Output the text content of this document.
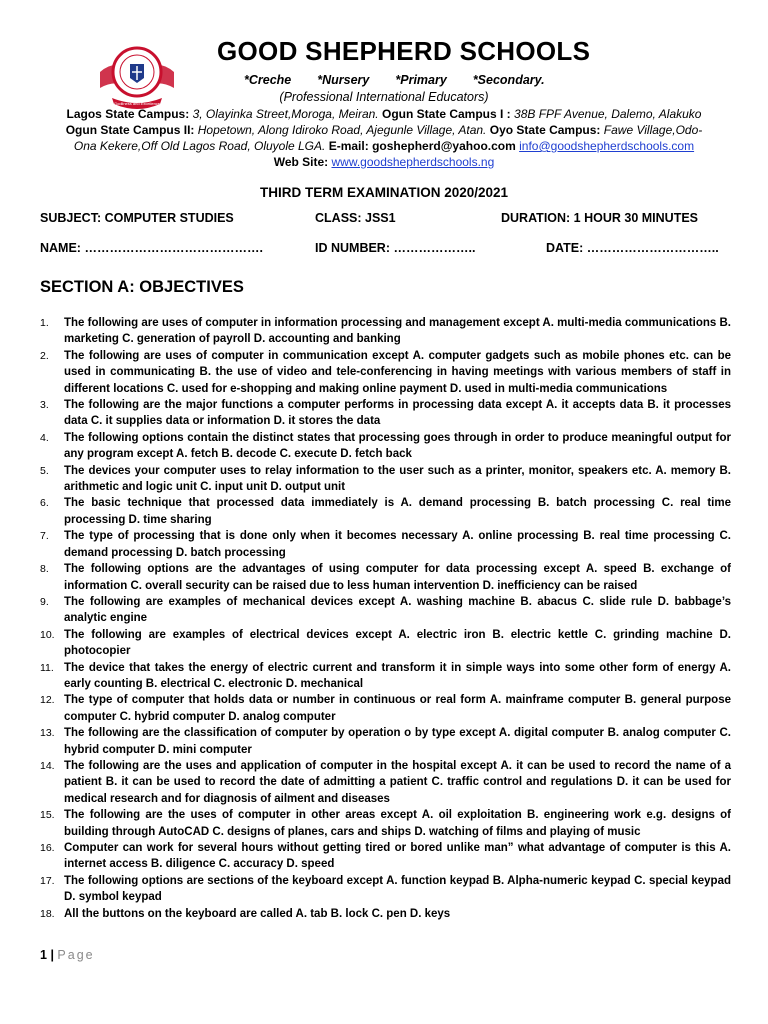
Godliness and Excellence
GOOD SHEPHERD SCHOOLS
*Creche *Nursery *Primary *Secondary.
(Professional International Educators)
Lagos State Campus: 3, Olayinka Street,Moroga, Meiran. Ogun State Campus I : 38B FPF Avenue, Dalemo, Alakuko
Ogun State Campus II: Hopetown, Along Idiroko Road, Ajegunle Village, Atan. Oyo State Campus: Fawe Village,Odo-
Ona Kekere,Off Old Lagos Road, Oluyole LGA. E-mail: goshepherd@yahoo.com info@goodshepherdschools.com
Web Site: www.goodshepherdschools.ng
THIRD TERM EXAMINATION 2020/2021
SUBJECT: COMPUTER STUDIES	CLASS: JSS1	DURATION: 1 HOUR 30 MINUTES
NAME: …………………………………….	ID NUMBER: ………………..	DATE: …………………………..
SECTION A: OBJECTIVES
1. The following are uses of computer in information processing and management except A. multi-media communications B. marketing C. generation of payroll D. accounting and banking
2. The following are uses of computer in communication except A. computer gadgets such as mobile phones etc. can be used in communicating B. the use of video and tele-conferencing in having meetings with various members of staff in different locations C. used for e-shopping and making online payment D. used in multi-media communications
3. The following are the major functions a computer performs in processing data except A. it accepts data B. it processes data C. it supplies data or information D. it stores the data
4. The following options contain the distinct states that processing goes through in order to produce meaningful output for any program except A. fetch B. decode C. execute D. fetch back
5. The devices your computer uses to relay information to the user such as a printer, monitor, speakers etc. A. memory B. arithmetic and logic unit C. input unit D. output unit
6. The basic technique that processed data immediately is A. demand processing B. batch processing C. real time processing D. time sharing
7. The type of processing that is done only when it becomes necessary A. online processing B. real time processing C. demand processing D. batch processing
8. The following options are the advantages of using computer for data processing except A. speed B. exchange of information C. overall security can be raised due to less human intervention D. inefficiency can be raised
9. The following are examples of mechanical devices except A. washing machine B. abacus C. slide rule D. babbage’s analytic engine
10. The following are examples of electrical devices except A. electric iron B. electric kettle C. grinding machine D. photocopier
11. The device that takes the energy of electric current and transform it in simple ways into some other form of energy A. early counting B. electrical C. electronic D. mechanical
12. The type of computer that holds data or number in continuous or real form A. mainframe computer B. general purpose computer C. hybrid computer D. analog computer
13. The following are the classification of computer by operation o by type except A. digital computer B. analog computer C. hybrid computer D. mini computer
14. The following are the uses and application of computer in the hospital except A. it can be used to record the name of a patient B. it can be used to record the date of admitting a patient C. traffic control and regulations D. it can be used for medical research and for diagnosis of ailment and diseases
15. The following are the uses of computer in other areas except A. oil exploitation B. engineering work e.g. designs of building through AutoCAD C. designs of planes, cars and ships D. watching of films and playing of music
16. Computer can work for several hours without getting tired or bored unlike man” what advantage of computer is this A. internet access B. diligence C. accuracy D. speed
17. The following options are sections of the keyboard except A. function keypad B. Alpha-numeric keypad C. special keypad D. symbol keypad
18. All the buttons on the keyboard are called A. tab B. lock C. pen D. keys
1 | Page
